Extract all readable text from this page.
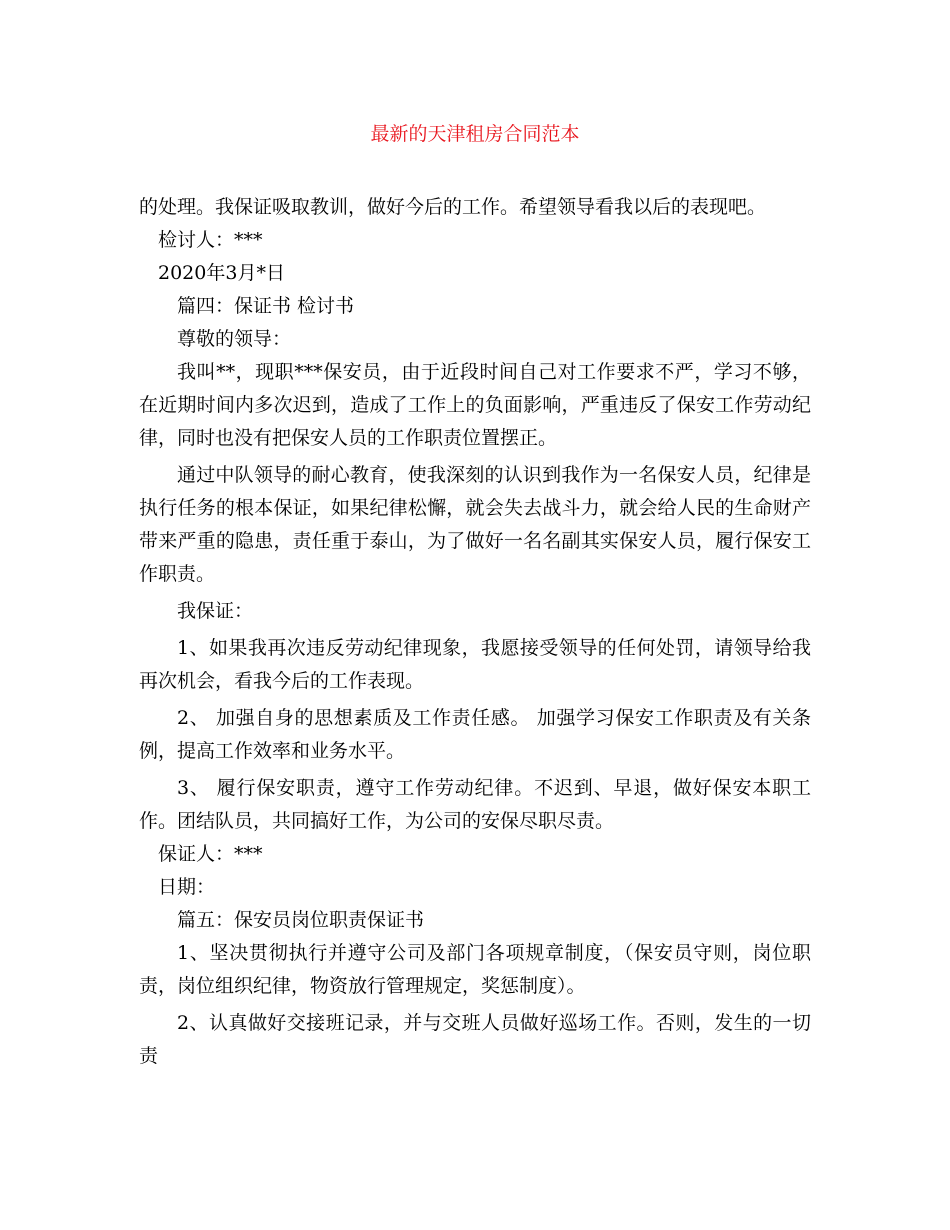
最新的天津租房合同范本

的处理。我保证吸取教训，做好今后的工作。希望领导看我以后的表现吧。

检讨人：***

2020年3月*日

篇四：保证书 检讨书

尊敬的领导：

我叫**，现职***保安员，由于近段时间自己对工作要求不严，学习不够，在近期时间内多次迟到，造成了工作上的负面影响，严重违反了保安工作劳动纪律，同时也没有把保安人员的工作职责位置摆正。

通过中队领导的耐心教育，使我深刻的认识到我作为一名保安人员，纪律是执行任务的根本保证，如果纪律松懈，就会失去战斗力，就会给人民的生命财产带来严重的隐患，责任重于泰山，为了做好一名名副其实保安人员，履行保安工作职责。

我保证：

1、如果我再次违反劳动纪律现象，我愿接受领导的任何处罚，请领导给我再次机会，看我今后的工作表现。

2、 加强自身的思想素质及工作责任感。 加强学习保安工作职责及有关条例，提高工作效率和业务水平。

3、 履行保安职责，遵守工作劳动纪律。不迟到、早退，做好保安本职工作。团结队员，共同搞好工作，为公司的安保尽职尽责。

保证人：***

日期：

篇五：保安员岗位职责保证书

1、坚决贯彻执行并遵守公司及部门各项规章制度，（保安员守则，岗位职责，岗位组织纪律，物资放行管理规定，奖惩制度）。

2、认真做好交接班记录，并与交班人员做好巡场工作。否则，发生的一切责
